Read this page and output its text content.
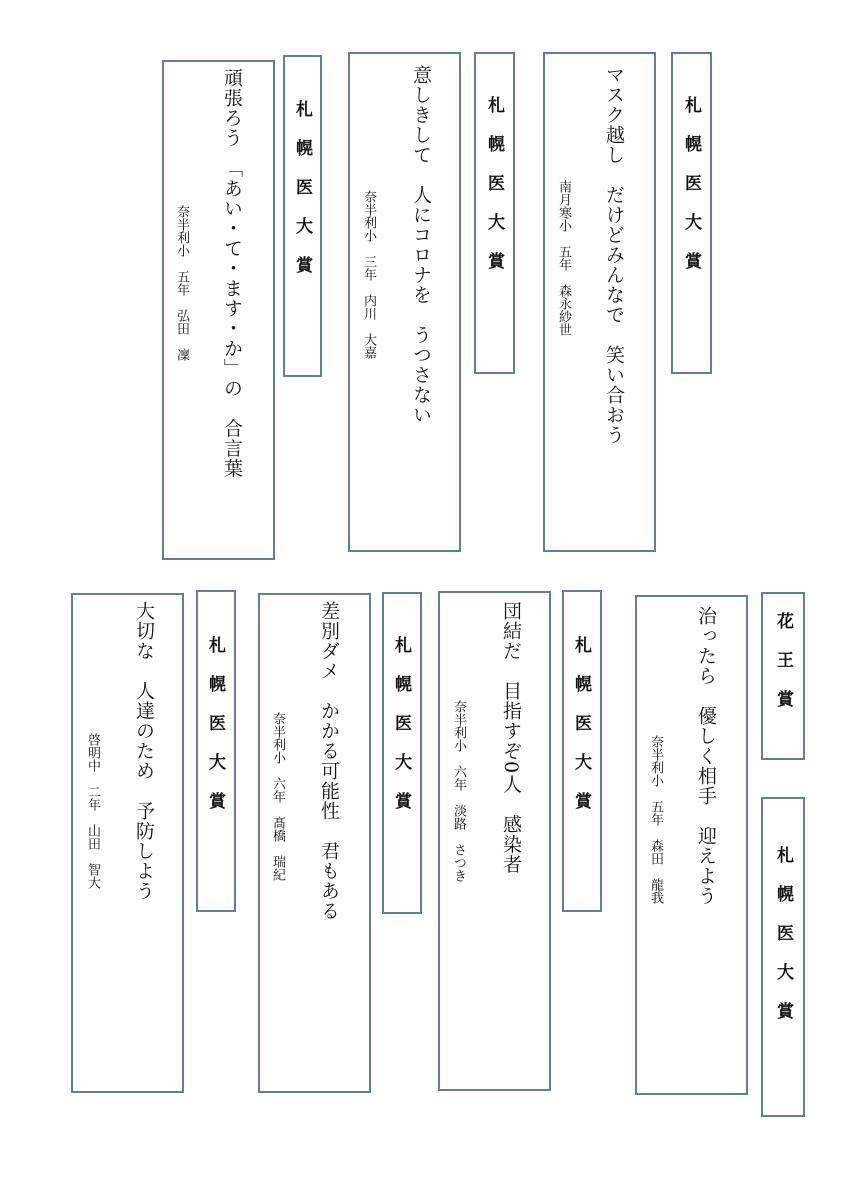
札幌医大賞
マスク越し　だけどみんなで　笑い合おう
南月寒小　五年　森永紗世
札幌医大賞
意しきして　人にコロナを　うつさない
奈半利小　三年　内川　大嘉
札幌医大賞
頑張ろう　「あい・て・ます・か」の　合言葉
奈半利小　五年　弘田　凜
花王賞
札幌医大賞
治ったら　優しく相手　迎えよう
奈半利小　五年　森田　龍我
札幌医大賞
団結だ　目指すぞ0人　感染者
奈半利小　六年　淡路　さつき
札幌医大賞
差別ダメ　かかる可能性　君もある
奈半利小　六年　髙橋　瑞紀
札幌医大賞
大切な　人達のため　予防しよう
啓明中　二年　山田　智大
